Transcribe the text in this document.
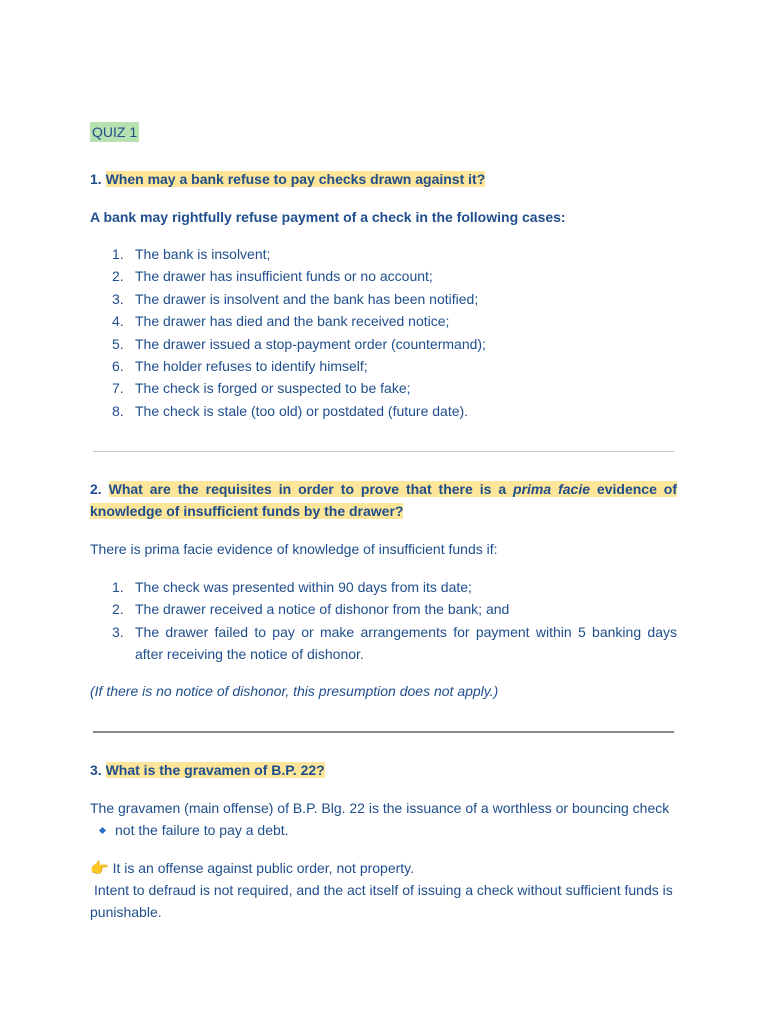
QUIZ 1
1. When may a bank refuse to pay checks drawn against it?
A bank may rightfully refuse payment of a check in the following cases:
1. The bank is insolvent;
2. The drawer has insufficient funds or no account;
3. The drawer is insolvent and the bank has been notified;
4. The drawer has died and the bank received notice;
5. The drawer issued a stop-payment order (countermand);
6. The holder refuses to identify himself;
7. The check is forged or suspected to be fake;
8. The check is stale (too old) or postdated (future date).
2. What are the requisites in order to prove that there is a prima facie evidence of knowledge of insufficient funds by the drawer?
There is prima facie evidence of knowledge of insufficient funds if:
1. The check was presented within 90 days from its date;
2. The drawer received a notice of dishonor from the bank; and
3. The drawer failed to pay or make arrangements for payment within 5 banking days after receiving the notice of dishonor.
(If there is no notice of dishonor, this presumption does not apply.)
3. What is the gravamen of B.P. 22?
The gravamen (main offense) of B.P. Blg. 22 is the issuance of a worthless or bouncing check
not the failure to pay a debt.
👉 It is an offense against public order, not property.
Intent to defraud is not required, and the act itself of issuing a check without sufficient funds is punishable.
